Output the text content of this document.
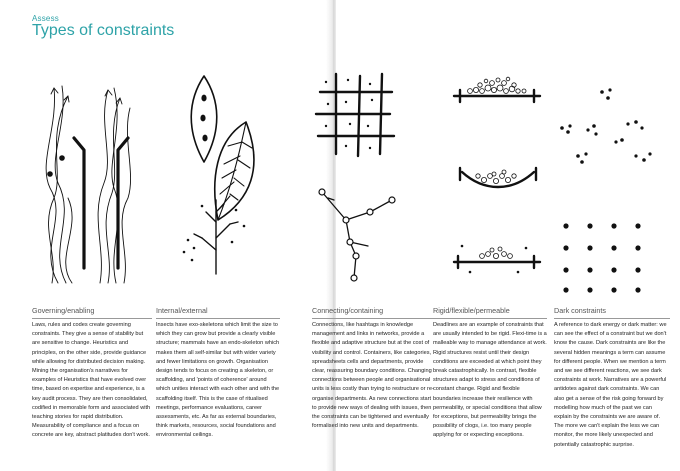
Assess
Types of constraints
Governing/enabling

Laws, rules and codes create governing constraints. They give a sense of stability but are sensitive to change. Heuristics and principles, on the other side, provide guidance while allowing for distributed decision making. Mining the organisation's narratives for examples of Heuristics that have evolved over time, based on expertise and experience, is a key audit process. They are then consolidated, codified in memorable form and associated with teaching stories for rapid distribution. Measurability of compliance and a focus on concrete are key, abstract platitudes don't work.

Internal/external

Insects have exo-skeletons which limit the size to which they can grow but provide a clearly visible structure; mammals have an endo-skeleton which makes them all self-similar but with wider variety and fewer limitations on growth. Organisation design tends to focus on creating a skeleton, or scaffolding, and 'points of coherence' around which unities interact with each other and with the scaffolding itself. This is the case of ritualised meetings, performance evaluations, career assessments, etc. As far as external boundaries, think markets, resources, social foundations and environmental ceilings.

Connecting/containing

Connections, like hashtags in knowledge management and links in networks, provide a flexible and adaptive structure but at the cost of visibility and control. Containers, like categories, spreadsheets cells and departments, provide clear, reassuring boundary conditions. Changing connections between people and organisational units is less costly than trying to restructure or re-organise departments. As new connections start to provide new ways of dealing with issues, then the constraints can be tightened and eventually formalised into new units and departments.

Rigid/flexible/permeable

Deadlines are an example of constraints that are usually intended to be rigid. Flexi-time is a malleable way to manage attendance at work. Rigid structures resist until their design conditions are exceeded at which point they break catastrophically. In contrast, flexible structures adapt to stress and conditions of constant change. Rigid and flexible boundaries increase their resilience with permeability, or special conditions that allow for exceptions, but permeability brings the possibility of clogs, i.e. too many people applying for or expecting exceptions.

Dark constraints

A reference to dark energy or dark matter: we can see the effect of a constraint but we don't know the cause. Dark constraints are like the several hidden meanings a term can assume for different people. When we mention a term and we see different reactions, we see dark constraints at work. Narratives are a powerful antidotes against dark constraints. We can also get a sense of the risk going forward by modelling how much of the past we can explain by the constraints we are aware of. The more we can't explain the less we can monitor, the more likely unexpected and potentially catastrophic surprise.
